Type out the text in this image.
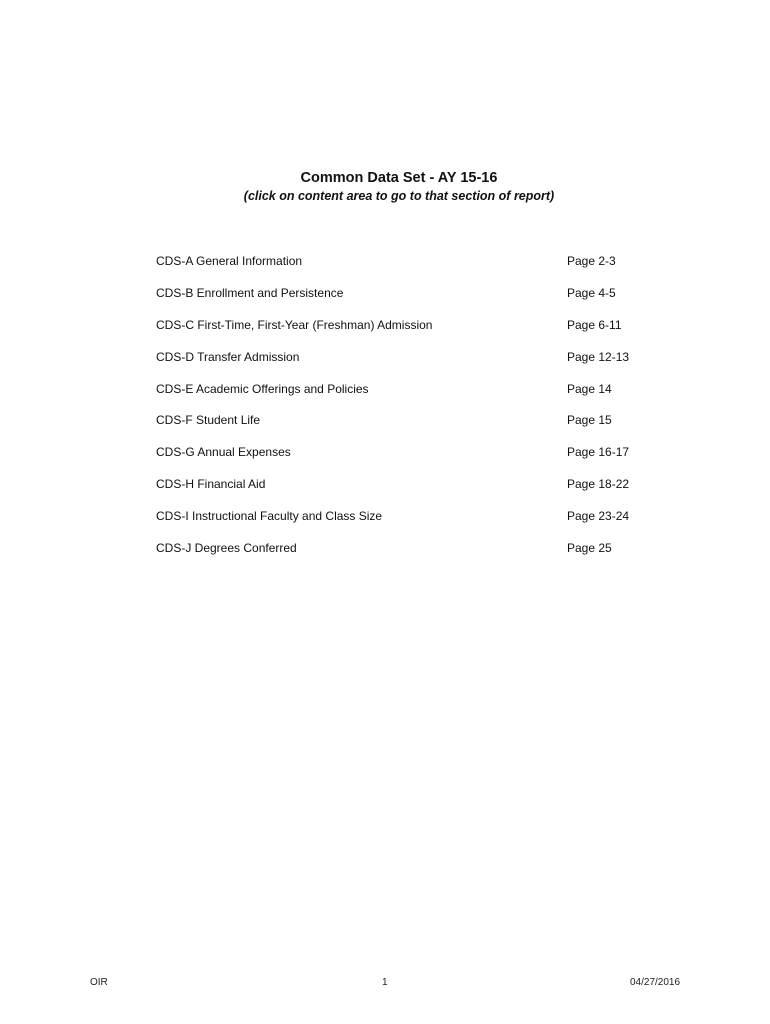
Common Data Set - AY 15-16
(click on content area to go to that section of report)
CDS-A General Information	Page 2-3
CDS-B Enrollment and Persistence	Page 4-5
CDS-C First-Time, First-Year (Freshman) Admission	Page 6-11
CDS-D Transfer Admission	Page 12-13
CDS-E Academic Offerings and Policies	Page 14
CDS-F Student Life	Page 15
CDS-G Annual Expenses	Page 16-17
CDS-H Financial Aid	Page 18-22
CDS-I Instructional Faculty and Class Size	Page 23-24
CDS-J Degrees Conferred	Page 25
OIR	1	04/27/2016
